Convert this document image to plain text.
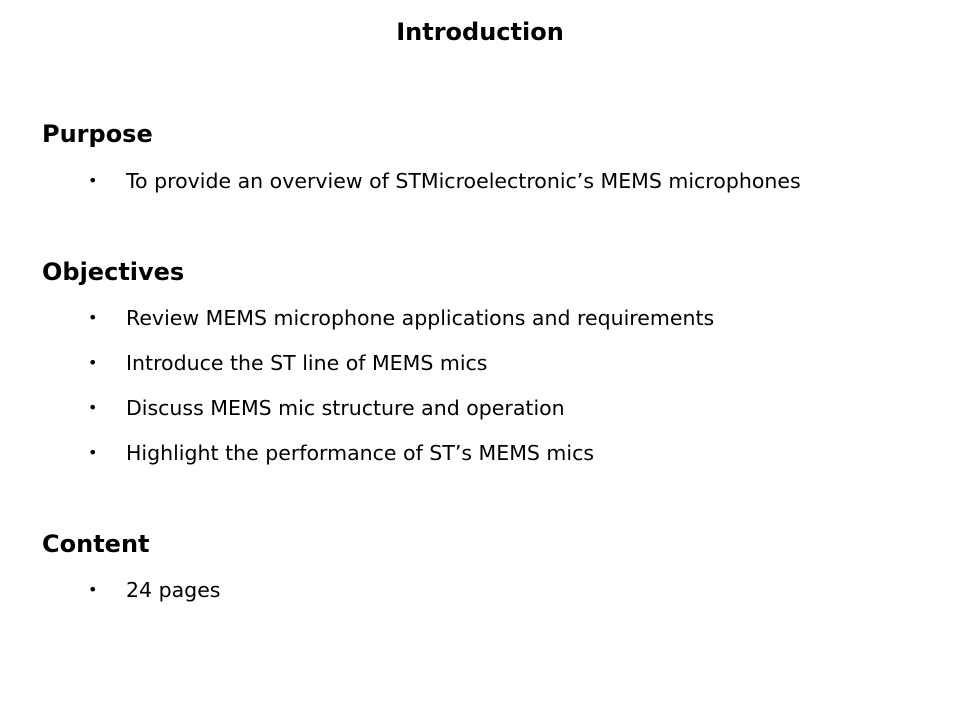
Introduction
Purpose
• To provide an overview of STMicroelectronic’s MEMS microphones
Objectives
• Review MEMS microphone applications and requirements
• Introduce the ST line of MEMS mics
• Discuss MEMS mic structure and operation
• Highlight the performance of ST’s MEMS mics
Content
• 24 pages
